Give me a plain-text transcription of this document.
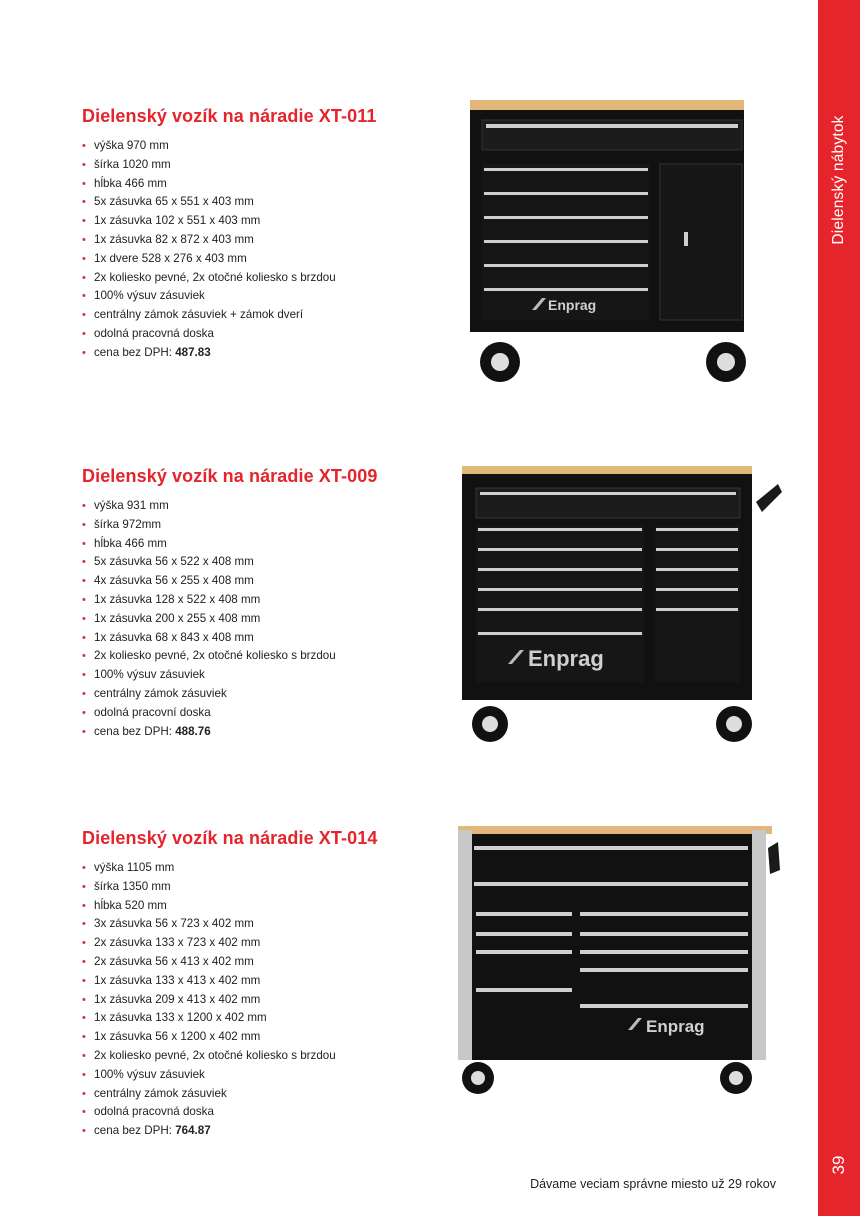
Dielenský nábytok
39
Dielenský vozík na náradie XT-011
• výška 970 mm
• šírka 1020 mm
• hĺbka 466 mm
• 5x zásuvka 65 x 551 x 403 mm
• 1x zásuvka 102 x 551 x 403 mm
• 1x zásuvka 82 x 872 x 403 mm
• 1x dvere 528 x 276 x 403 mm
• 2x koliesko pevné, 2x otočné koliesko s brzdou
• 100% výsuv zásuviek
• centrálny zámok zásuviek + zámok dverí
• odolná pracovná doska
• cena bez DPH: 487.83
Enprag
Dielenský vozík na náradie XT-009
• výška 931 mm
• šírka 972mm
• hĺbka 466 mm
• 5x zásuvka 56 x 522 x 408 mm
• 4x zásuvka 56 x 255 x 408 mm
• 1x zásuvka 128 x 522 x 408 mm
• 1x zásuvka 200 x 255 x 408 mm
• 1x zásuvka 68 x 843 x 408 mm
• 2x koliesko pevné, 2x otočné koliesko s brzdou
• 100% výsuv zásuviek
• centrálny zámok zásuviek
• odolná pracovní doska
• cena bez DPH: 488.76
Enprag
Dielenský vozík na náradie XT-014
• výška 1105 mm
• šírka 1350 mm
• hĺbka 520 mm
• 3x zásuvka 56 x 723 x 402 mm
• 2x zásuvka 133 x 723 x 402 mm
• 2x zásuvka 56 x 413 x 402 mm
• 1x zásuvka 133 x 413 x 402 mm
• 1x zásuvka 209 x 413 x 402 mm
• 1x zásuvka 133 x 1200 x 402 mm
• 1x zásuvka 56 x 1200 x 402 mm
• 2x koliesko pevné, 2x otočné koliesko s brzdou
• 100% výsuv zásuviek
• centrálny zámok zásuviek
• odolná pracovná doska
• cena bez DPH: 764.87
Enprag
Dávame veciam správne miesto už 29 rokov
